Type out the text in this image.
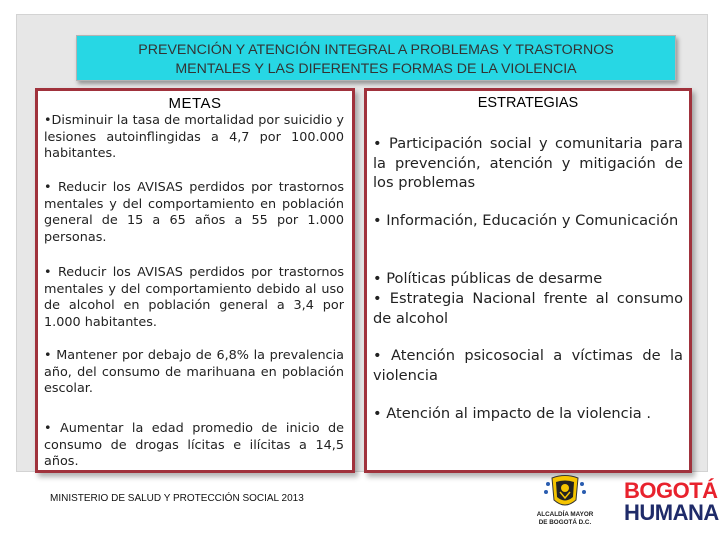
PREVENCIÓN Y ATENCIÓN INTEGRAL A PROBLEMAS Y TRASTORNOS
MENTALES Y LAS DIFERENTES FORMAS DE LA VIOLENCIA
METAS
•Disminuir la tasa de mortalidad por suicidio y lesiones autoinflingidas a 4,7 por 100.000 habitantes.
• Reducir los AVISAS perdidos por trastornos mentales y del comportamiento en población general de 15 a 65 años a 55 por 1.000 personas.
• Reducir los AVISAS perdidos por trastornos mentales y del comportamiento debido al uso de alcohol en población general a 3,4 por 1.000 habitantes.
• Mantener por debajo de 6,8% la prevalencia año, del consumo de marihuana en población escolar.
• Aumentar la edad promedio de inicio de consumo de drogas lícitas e ilícitas a 14,5 años.
ESTRATEGIAS
• Participación social y comunitaria para la prevención, atención y mitigación de los problemas
• Información, Educación y Comunicación
• Políticas públicas de desarme
• Estrategia Nacional frente al consumo de alcohol
• Atención psicosocial a víctimas de la violencia
• Atención al impacto de la violencia .
MINISTERIO DE SALUD Y PROTECCIÓN SOCIAL 2013
ALCALDÍA MAYOR
DE BOGOTÁ D.C.
BOGOTÁ
HUMANA
